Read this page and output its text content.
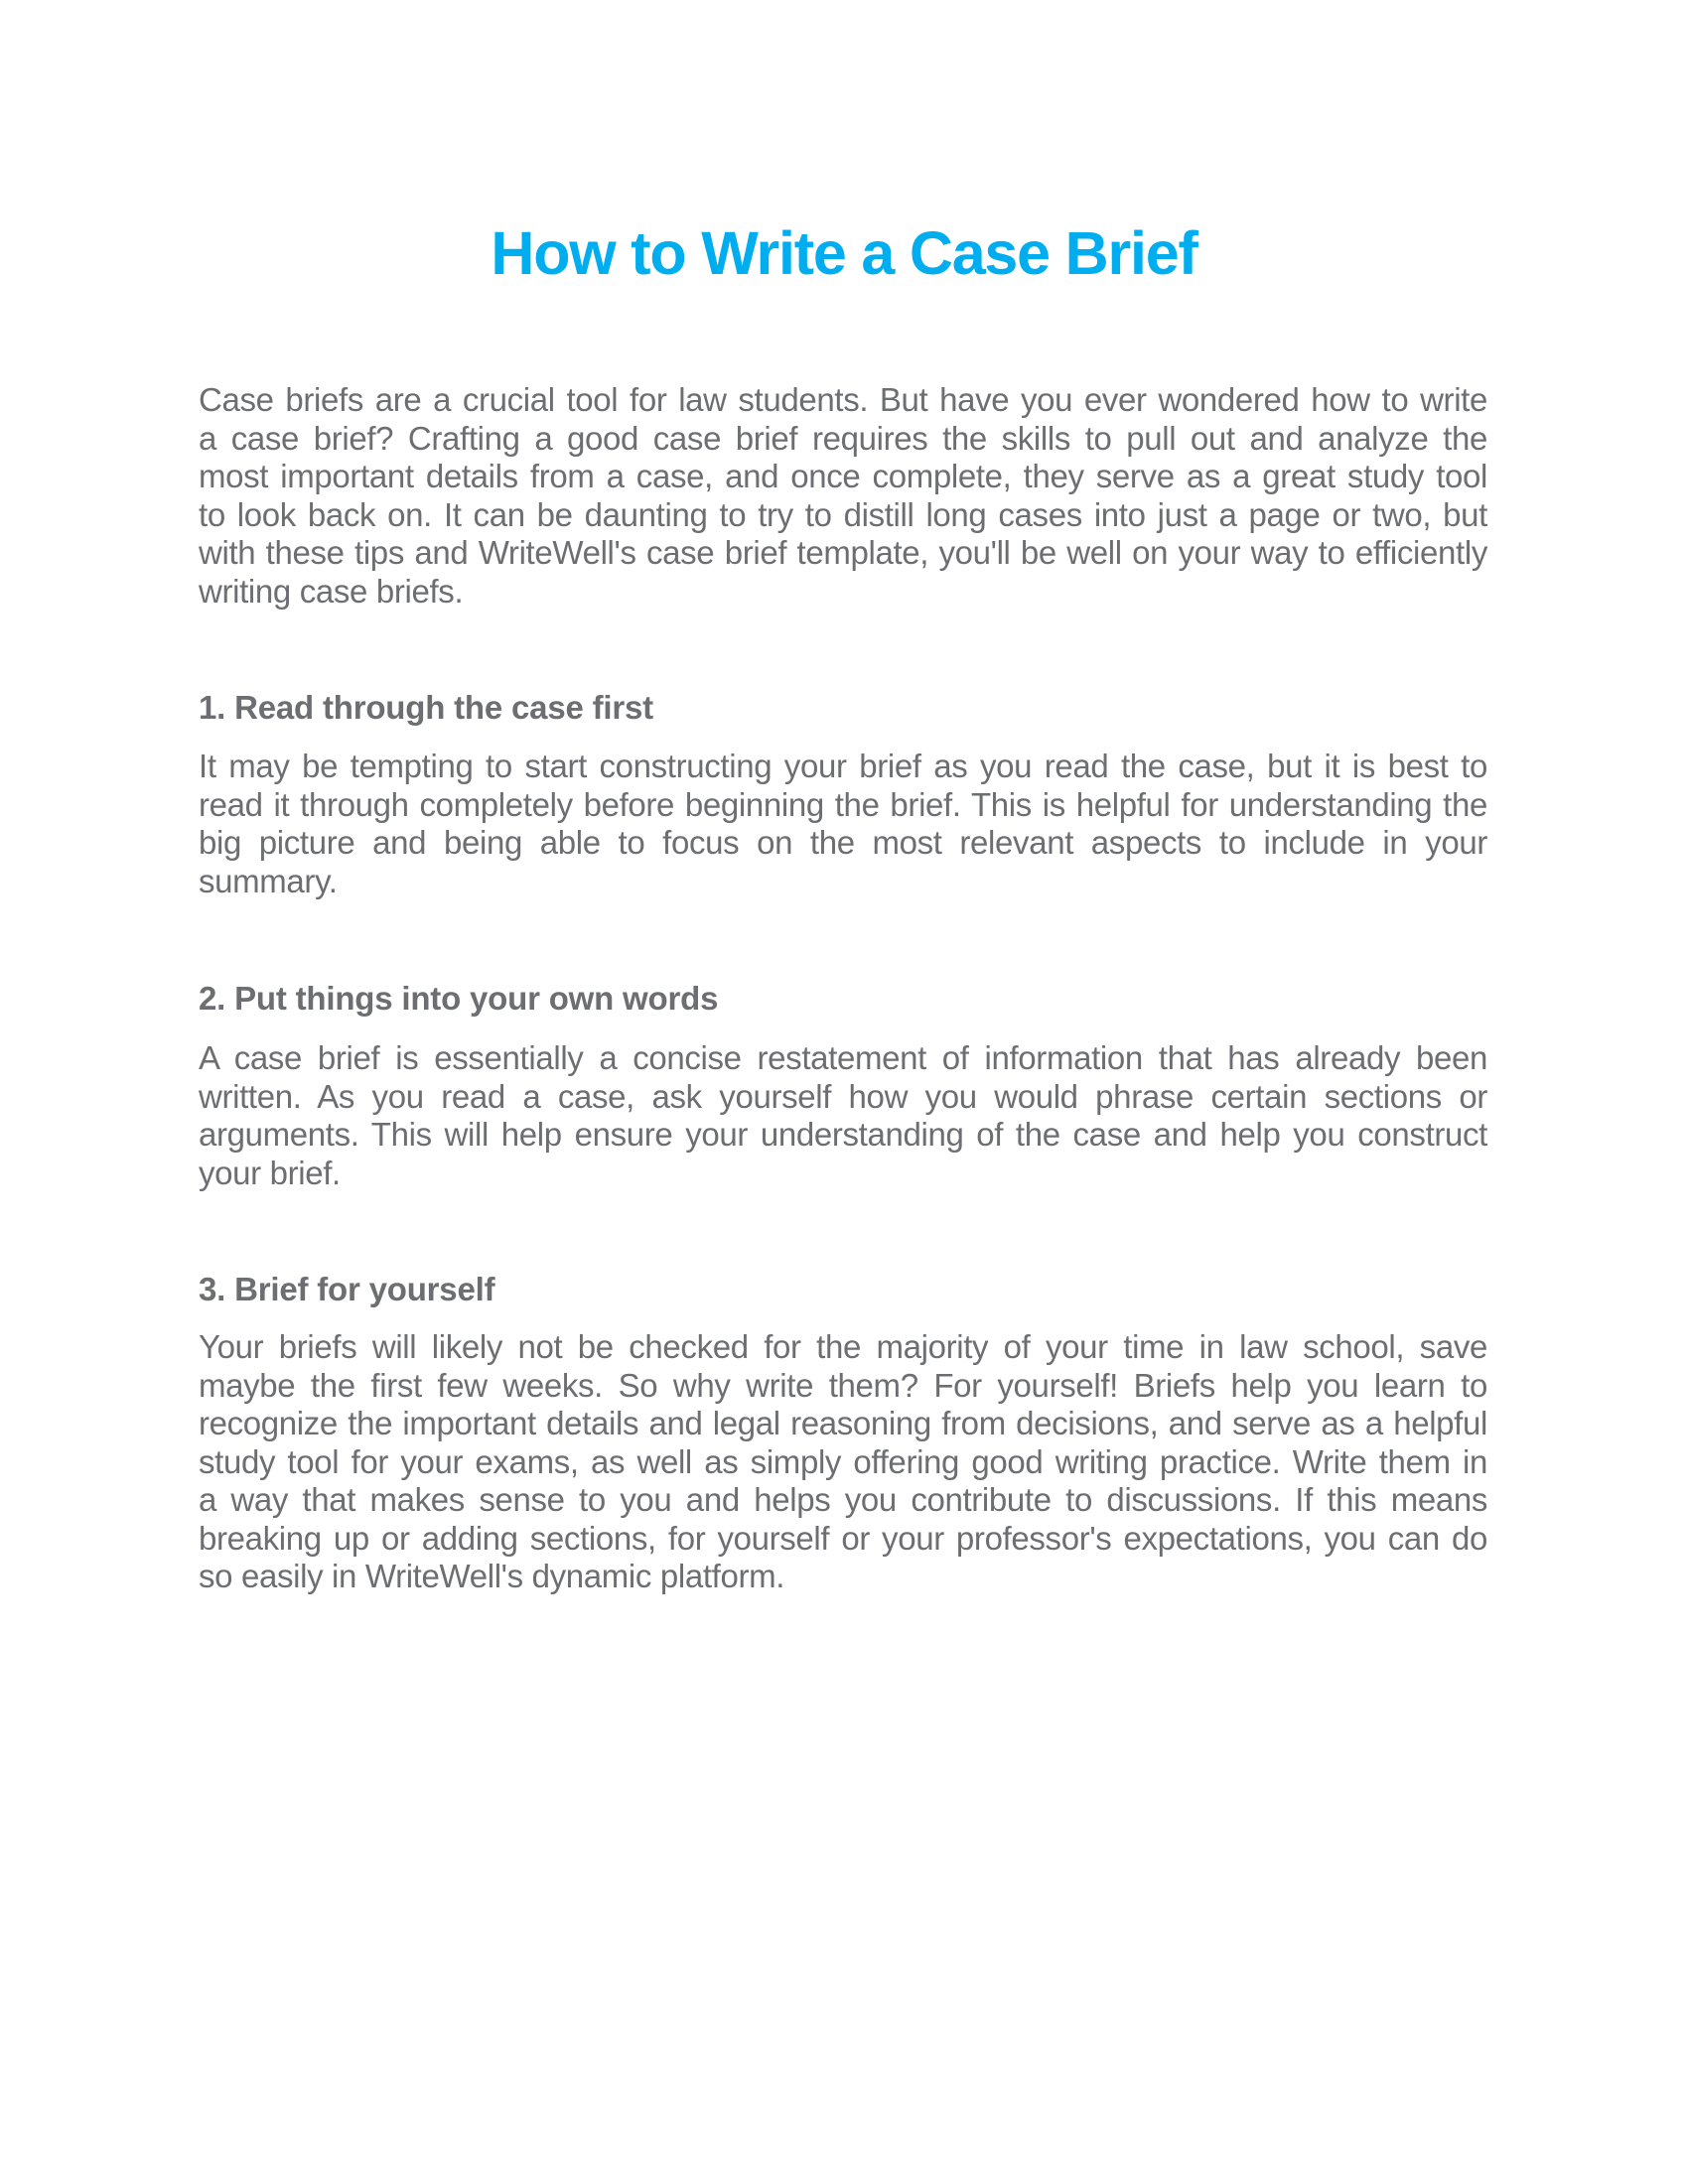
How to Write a Case Brief
Case briefs are a crucial tool for law students. But have you ever wondered how to write
a case brief? Crafting a good case brief requires the skills to pull out and analyze the
most important details from a case, and once complete, they serve as a great study tool
to look back on. It can be daunting to try to distill long cases into just a page or two, but
with these tips and WriteWell's case brief template, you'll be well on your way to efficiently
writing case briefs.
1. Read through the case first
It may be tempting to start constructing your brief as you read the case, but it is best to
read it through completely before beginning the brief. This is helpful for understanding the
big picture and being able to focus on the most relevant aspects to include in your
summary.
2. Put things into your own words
A case brief is essentially a concise restatement of information that has already been
written. As you read a case, ask yourself how you would phrase certain sections or
arguments. This will help ensure your understanding of the case and help you construct
your brief.
3. Brief for yourself
Your briefs will likely not be checked for the majority of your time in law school, save
maybe the first few weeks. So why write them? For yourself! Briefs help you learn to
recognize the important details and legal reasoning from decisions, and serve as a helpful
study tool for your exams, as well as simply offering good writing practice. Write them in
a way that makes sense to you and helps you contribute to discussions. If this means
breaking up or adding sections, for yourself or your professor's expectations, you can do
so easily in WriteWell's dynamic platform.
